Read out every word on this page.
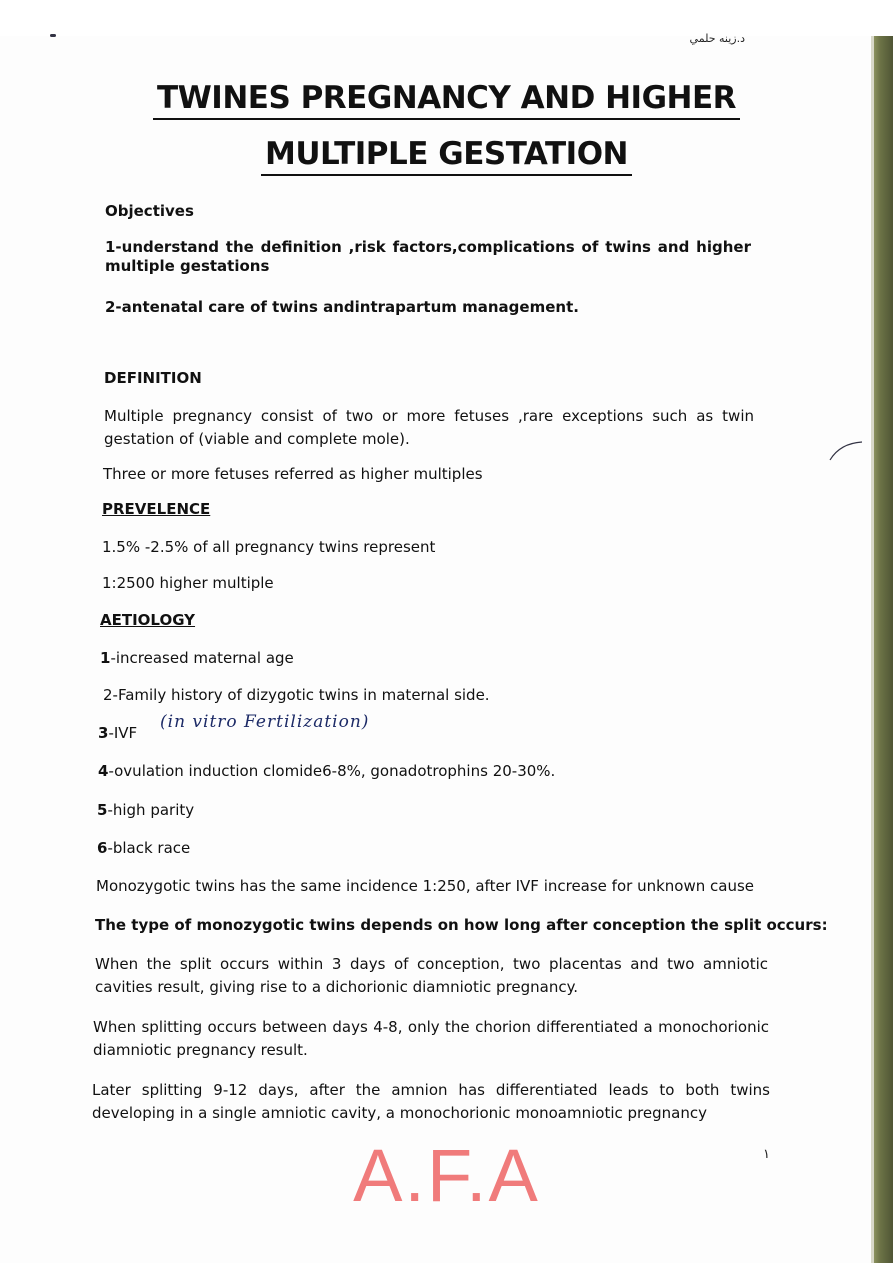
د.زينه حلمي
TWINES PREGNANCY AND HIGHER
MULTIPLE GESTATION
Objectives
1-understand the definition ,risk factors,complications of twins and higher multiple gestations
2-antenatal care of twins andintrapartum management.
DEFINITION
Multiple pregnancy consist of two or more fetuses ,rare exceptions such as twin gestation of (viable and complete mole).
Three or more fetuses referred as higher multiples
PREVELENCE
1.5% -2.5% of all pregnancy twins represent
1:2500 higher multiple
AETIOLOGY
1-increased maternal age
2-Family history of dizygotic twins in maternal side.
3-IVF
(in vitro Fertilization)
4-ovulation induction clomide6-8%, gonadotrophins 20-30%.
5-high parity
6-black race
Monozygotic twins has the same incidence 1:250, after IVF increase for unknown cause
The type of monozygotic twins depends on how long after conception the split occurs:
When the split occurs within 3 days of conception, two placentas and two amniotic cavities result, giving rise to a dichorionic diamniotic pregnancy.
When splitting occurs between days 4-8, only the chorion differentiated a monochorionic diamniotic pregnancy result.
Later splitting 9-12 days, after the amnion has differentiated leads to both twins developing in a single amniotic cavity, a monochorionic monoamniotic pregnancy
A.F.A	١
